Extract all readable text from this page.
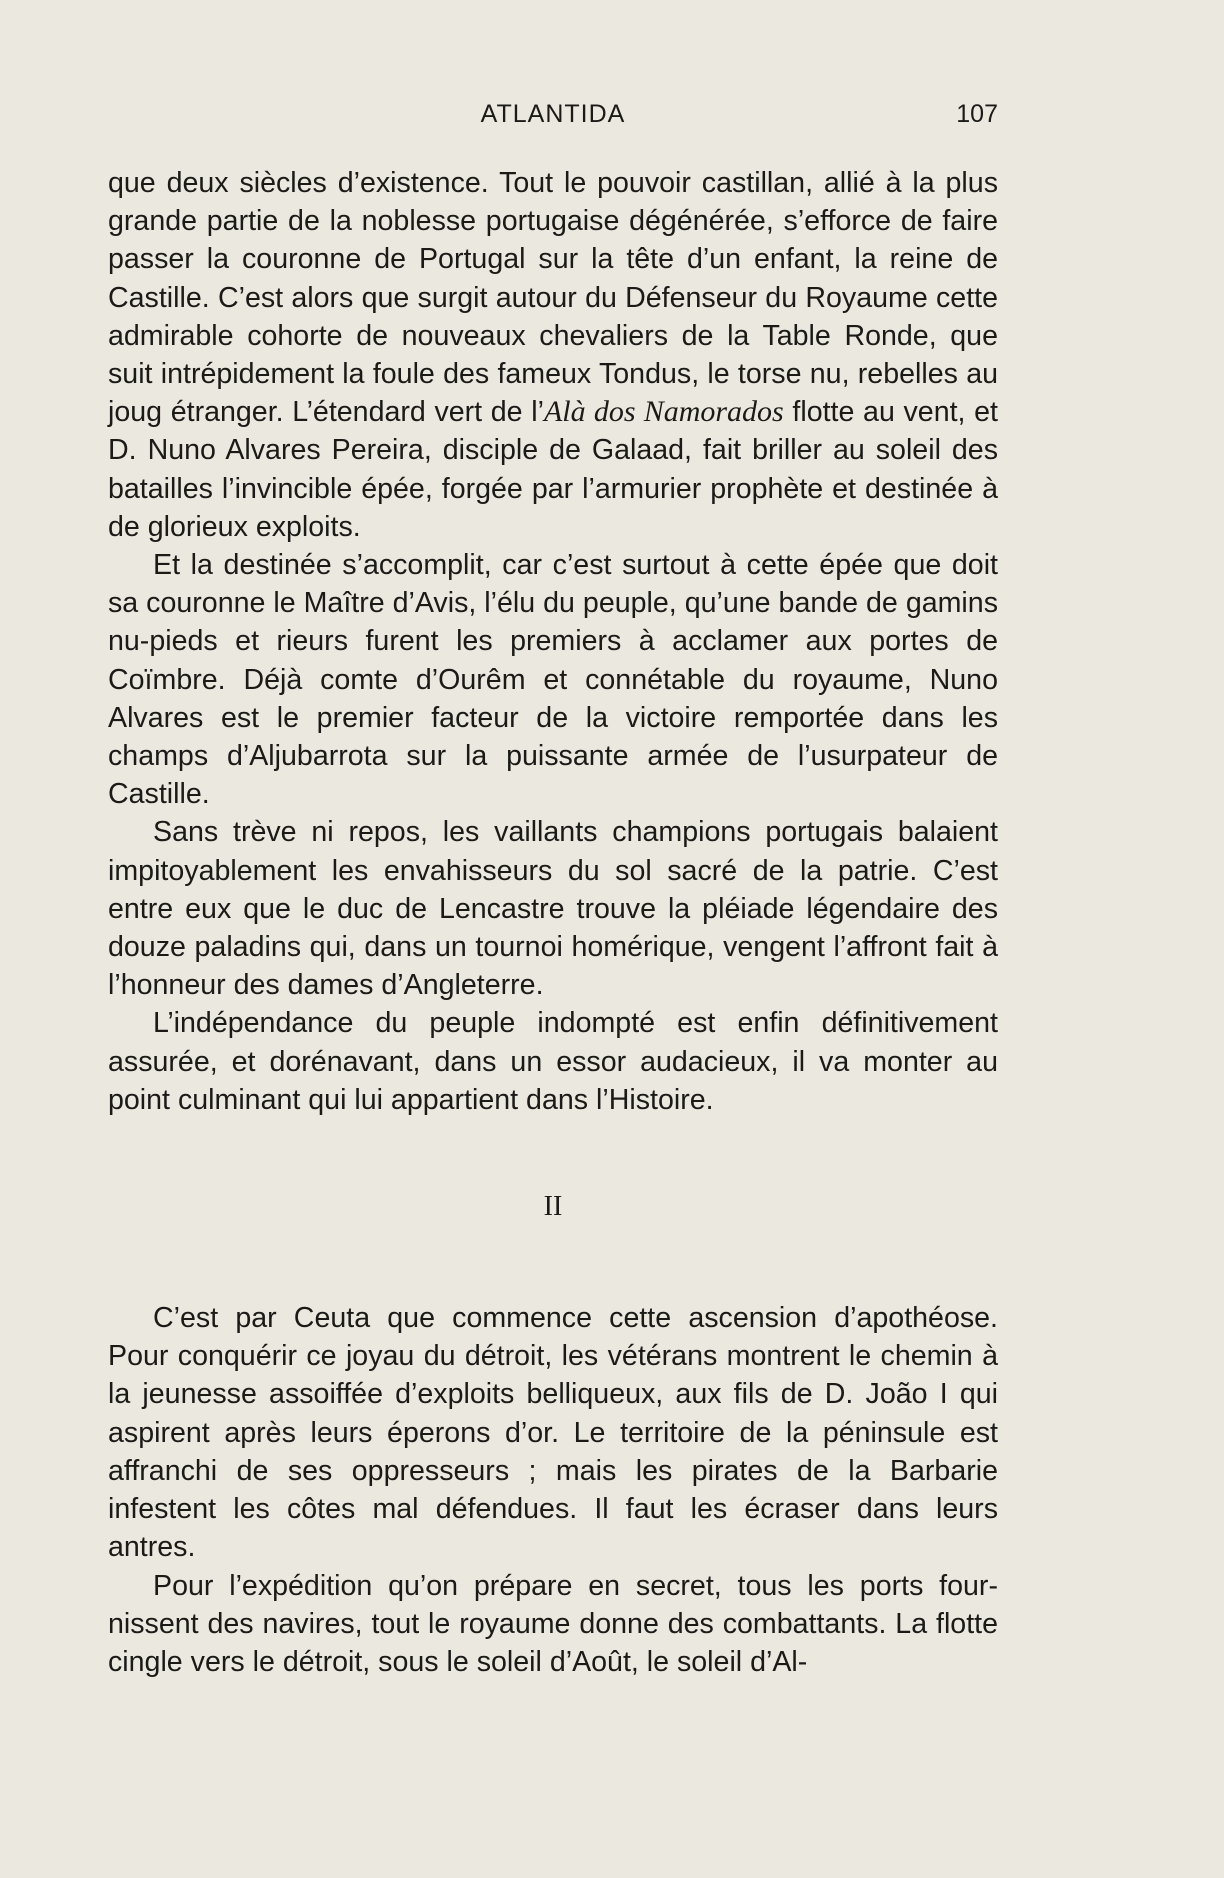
ATLANTIDA	107

que deux siècles d’existence. Tout le pouvoir castillan, allié à la plus grande partie de la noblesse portugaise dégénérée, s’efforce de faire passer la couronne de Portugal sur la tête d’un enfant, la reine de Castille. C’est alors que surgit autour du Défenseur du Royaume cette admirable cohorte de nouveaux chevaliers de la Table Ronde, que suit intrépidement la foule des fameux Tondus, le torse nu, rebelles au joug étranger. L’étendard vert de l’Alà dos Namorados flotte au vent, et D. Nuno Alvares Pereira, disciple de Galaad, fait briller au soleil des batailles l’invincible épée, forgée par l’armurier prophète et destinée à de glorieux exploits.

Et la destinée s’accomplit, car c’est surtout à cette épée que doit sa couronne le Maître d’Avis, l’élu du peuple, qu’une bande de gamins nu-pieds et rieurs furent les premiers à acclamer aux portes de Coïmbre. Déjà comte d’Ourêm et connétable du royaume, Nuno Alvares est le premier facteur de la victoire remportée dans les champs d’Aljubarrota sur la puissante armée de l’usurpateur de Castille.

Sans trève ni repos, les vaillants champions portugais balaient impitoyablement les envahisseurs du sol sacré de la patrie. C’est entre eux que le duc de Lencastre trouve la pléiade légendaire des douze paladins qui, dans un tournoi homérique, vengent l’affront fait à l’honneur des dames d’Angleterre.

L’indépendance du peuple indompté est enfin définitivement assurée, et dorénavant, dans un essor audacieux, il va monter au point culminant qui lui appartient dans l’Histoire.

II

C’est par Ceuta que commence cette ascension d’apothéose. Pour conquérir ce joyau du détroit, les vétérans montrent le chemin à la jeunesse assoiffée d’exploits belliqueux, aux fils de D. João I qui aspirent après leurs éperons d’or. Le territoire de la péninsule est affranchi de ses oppresseurs ; mais les pirates de la Barbarie infestent les côtes mal défendues. Il faut les écraser dans leurs antres.

Pour l’expédition qu’on prépare en secret, tous les ports fournissent des navires, tout le royaume donne des combattants. La flotte cingle vers le détroit, sous le soleil d’Août, le soleil d’Al-
